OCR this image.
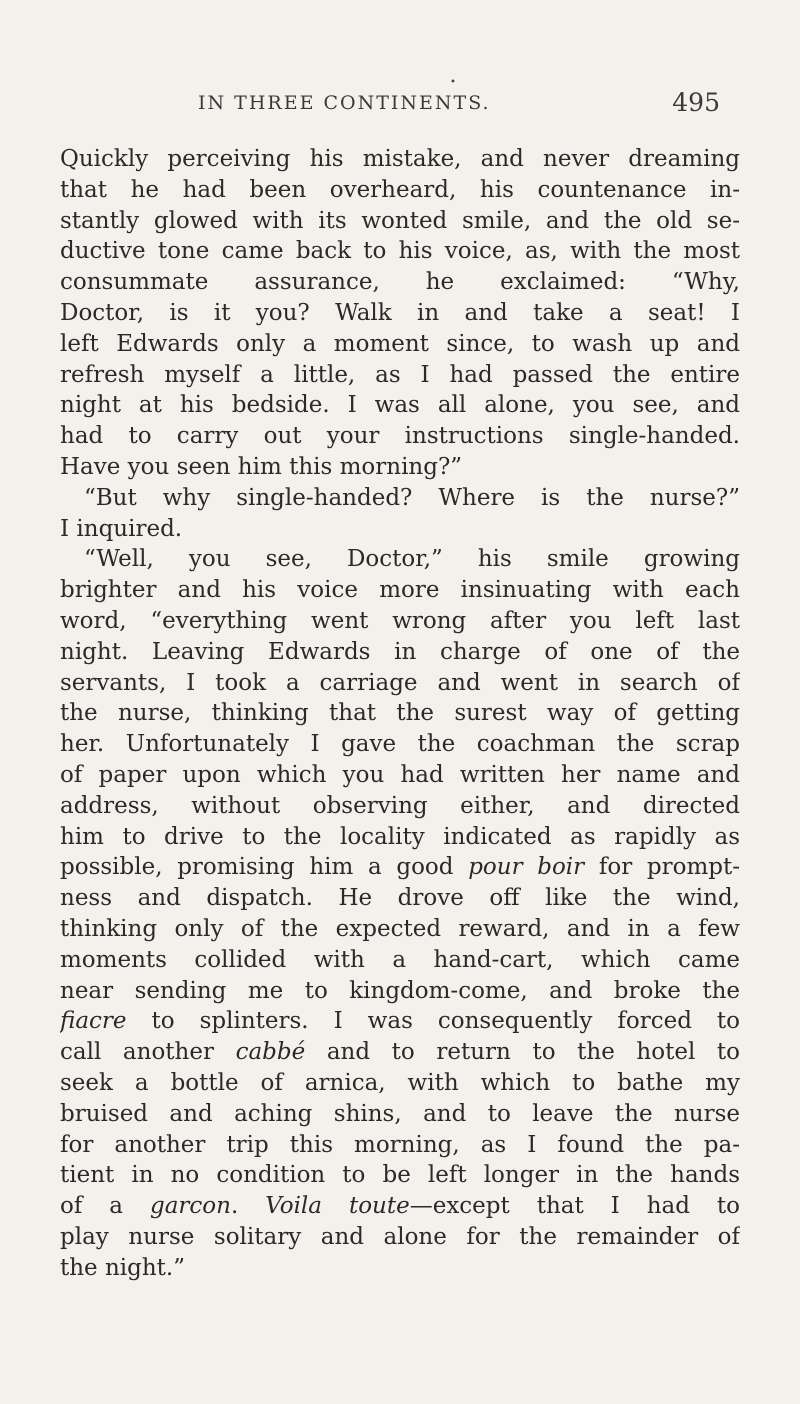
•
IN THREE CONTINENTS.	495
Quickly perceiving his mistake, and never dreaming
that he had been overheard, his countenance in-
stantly glowed with its wonted smile, and the old se-
ductive tone came back to his voice, as, with the most
consummate assurance, he exclaimed: “Why,
Doctor, is it you? Walk in and take a seat! I
left Edwards only a moment since, to wash up and
refresh myself a little, as I had passed the entire
night at his bedside. I was all alone, you see, and
had to carry out your instructions single-handed.
Have you seen him this morning?”
“But why single-handed? Where is the nurse?”
I inquired.
“Well, you see, Doctor,” his smile growing
brighter and his voice more insinuating with each
word, “everything went wrong after you left last
night. Leaving Edwards in charge of one of the
servants, I took a carriage and went in search of
the nurse, thinking that the surest way of getting
her. Unfortunately I gave the coachman the scrap
of paper upon which you had written her name and
address, without observing either, and directed
him to drive to the locality indicated as rapidly as
possible, promising him a good pour boir for prompt-
ness and dispatch. He drove off like the wind,
thinking only of the expected reward, and in a few
moments collided with a hand-cart, which came
near sending me to kingdom-come, and broke the
fiacre to splinters. I was consequently forced to
call another cabbé and to return to the hotel to
seek a bottle of arnica, with which to bathe my
bruised and aching shins, and to leave the nurse
for another trip this morning, as I found the pa-
tient in no condition to be left longer in the hands
of a garcon. Voila toute—except that I had to
play nurse solitary and alone for the remainder of
the night.”
